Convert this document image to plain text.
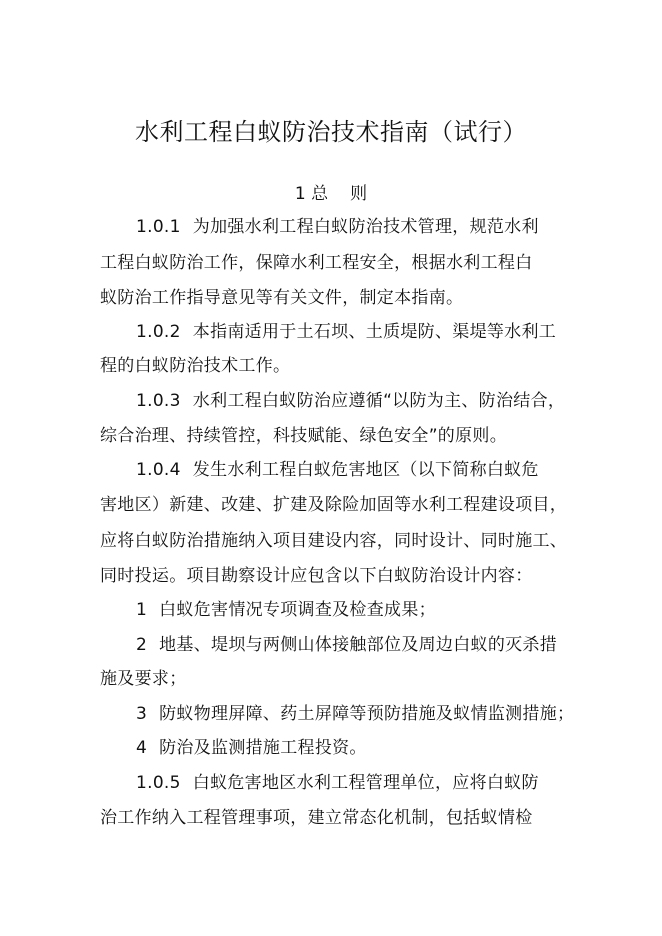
水利工程白蚁防治技术指南（试行）
1 总 则
1.0.1 为加强水利工程白蚁防治技术管理，规范水利
工程白蚁防治工作，保障水利工程安全，根据水利工程白
蚁防治工作指导意见等有关文件，制定本指南。
1.0.2 本指南适用于土石坝、土质堤防、渠堤等水利工
程的白蚁防治技术工作。
1.0.3 水利工程白蚁防治应遵循“以防为主、防治结合，
综合治理、持续管控，科技赋能、绿色安全”的原则。
1.0.4 发生水利工程白蚁危害地区（以下简称白蚁危
害地区）新建、改建、扩建及除险加固等水利工程建设项目，
应将白蚁防治措施纳入项目建设内容，同时设计、同时施工、
同时投运。项目勘察设计应包含以下白蚁防治设计内容：
1 白蚁危害情况专项调查及检查成果；
2 地基、堤坝与两侧山体接触部位及周边白蚁的灭杀措
施及要求；
3 防蚁物理屏障、药土屏障等预防措施及蚁情监测措施；
4 防治及监测措施工程投资。
1.0.5 白蚁危害地区水利工程管理单位，应将白蚁防
治工作纳入工程管理事项，建立常态化机制，包括蚁情检
